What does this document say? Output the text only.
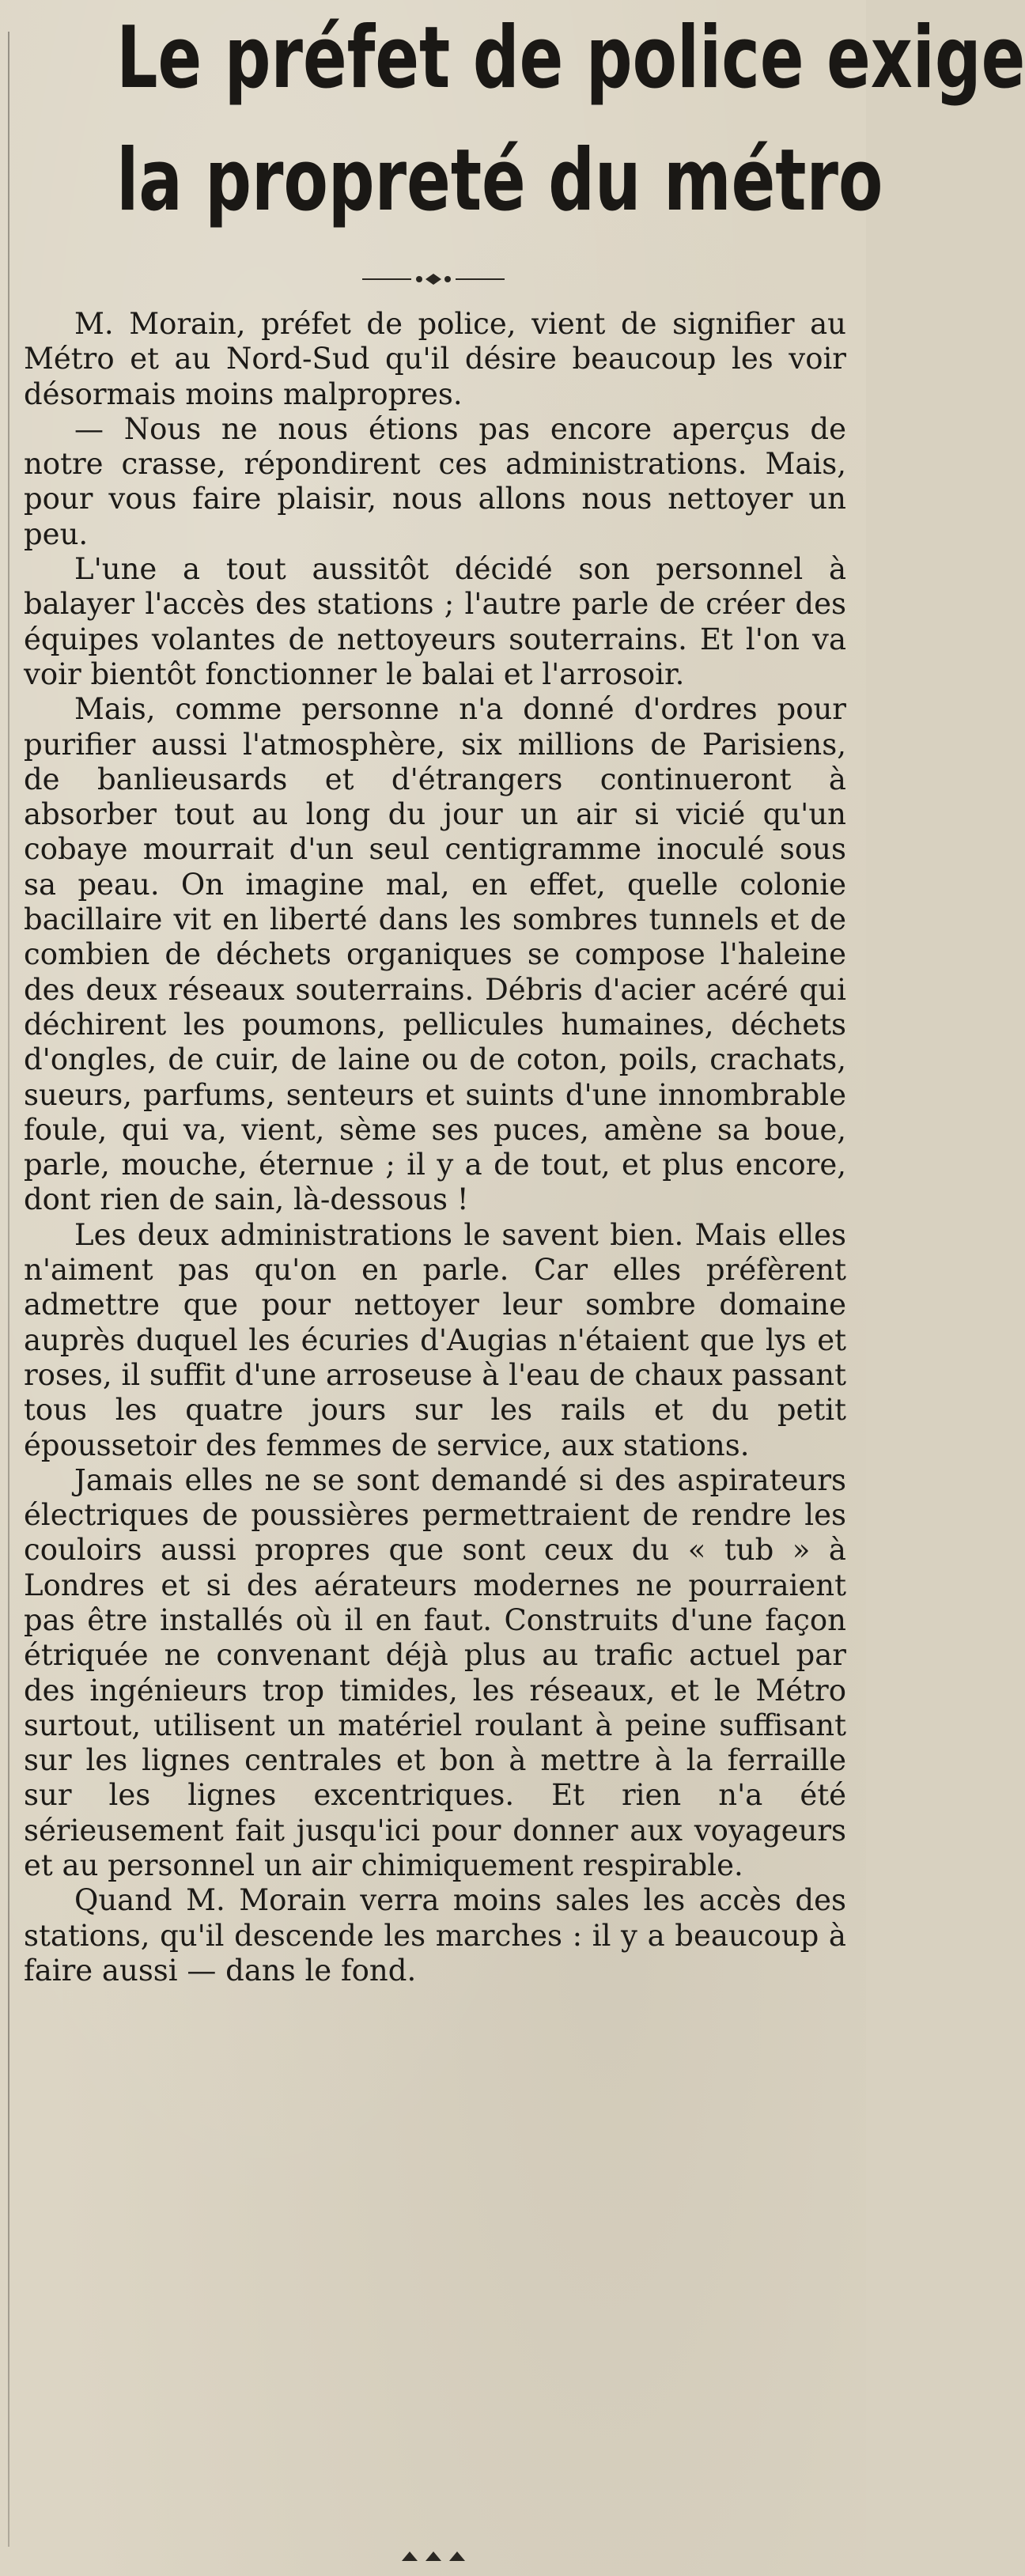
Le préfet de police exige
la propreté du métro

M. Morain, préfet de police, vient de signifier au Métro et au Nord-Sud qu'il désire beaucoup les voir désormais moins malpropres.

— Nous ne nous étions pas encore aperçus de notre crasse, répondirent ces administrations. Mais, pour vous faire plaisir, nous allons nous nettoyer un peu.

L'une a tout aussitôt décidé son personnel à balayer l'accès des stations ; l'autre parle de créer des équipes volantes de nettoyeurs souterrains. Et l'on va voir bientôt fonctionner le balai et l'arrosoir.

Mais, comme personne n'a donné d'ordres pour purifier aussi l'atmosphère, six millions de Parisiens, de banlieusards et d'étrangers continueront à absorber tout au long du jour un air si vicié qu'un cobaye mourrait d'un seul centigramme inoculé sous sa peau. On imagine mal, en effet, quelle colonie bacillaire vit en liberté dans les sombres tunnels et de combien de déchets organiques se compose l'haleine des deux réseaux souterrains. Débris d'acier acéré qui déchirent les poumons, pellicules humaines, déchets d'ongles, de cuir, de laine ou de coton, poils, crachats, sueurs, parfums, senteurs et suints d'une innombrable foule, qui va, vient, sème ses puces, amène sa boue, parle, mouche, éternue ; il y a de tout, et plus encore, dont rien de sain, là-dessous !

Les deux administrations le savent bien. Mais elles n'aiment pas qu'on en parle. Car elles préfèrent admettre que pour nettoyer leur sombre domaine auprès duquel les écuries d'Augias n'étaient que lys et roses, il suffit d'une arroseuse à l'eau de chaux passant tous les quatre jours sur les rails et du petit époussetoir des femmes de service, aux stations.

Jamais elles ne se sont demandé si des aspirateurs électriques de poussières permettraient de rendre les couloirs aussi propres que sont ceux du « tub » à Londres et si des aérateurs modernes ne pourraient pas être installés où il en faut. Construits d'une façon étriquée ne convenant déjà plus au trafic actuel par des ingénieurs trop timides, les réseaux, et le Métro surtout, utilisent un matériel roulant à peine suffisant sur les lignes centrales et bon à mettre à la ferraille sur les lignes excentriques. Et rien n'a été sérieusement fait jusqu'ici pour donner aux voyageurs et au personnel un air chimiquement respirable.

Quand M. Morain verra moins sales les accès des stations, qu'il descende les marches : il y a beaucoup à faire aussi — dans le fond.
